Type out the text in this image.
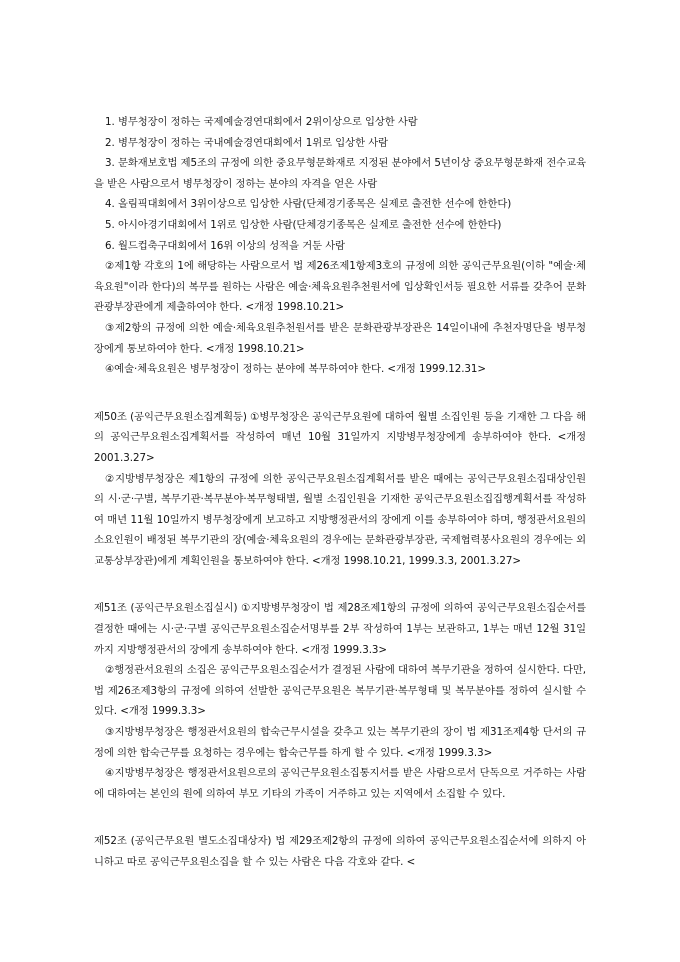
1. 병무청장이 정하는 국제예술경연대회에서 2위이상으로 입상한 사람

2. 병무청장이 정하는 국내예술경연대회에서 1위로 입상한 사람

3. 문화재보호법 제5조의 규정에 의한 중요무형문화재로 지정된 분야에서 5년이상 중요무형문화재 전수교육을 받은 사람으로서 병무청장이 정하는 분야의 자격을 얻은 사람

4. 올림픽대회에서 3위이상으로 입상한 사람(단체경기종목은 실제로 출전한 선수에 한한다)

5. 아시아경기대회에서 1위로 입상한 사람(단체경기종목은 실제로 출전한 선수에 한한다)

6. 월드컵축구대회에서 16위 이상의 성적을 거둔 사람

②제1항 각호의 1에 해당하는 사람으로서 법 제26조제1항제3호의 규정에 의한 공익근무요원(이하 "예술·체육요원"이라 한다)의 복무를 원하는 사람은 예술·체육요원추천원서에 입상확인서등 필요한 서류를 갖추어 문화관광부장관에게 제출하여야 한다. <개정 1998.10.21>

③제2항의 규정에 의한 예술·체육요원추천원서를 받은 문화관광부장관은 14일이내에 추천자명단을 병무청장에게 통보하여야 한다. <개정 1998.10.21>

④예술·체육요원은 병무청장이 정하는 분야에 복무하여야 한다. <개정 1999.12.31>

제50조 (공익근무요원소집계획등) ①병무청장은 공익근무요원에 대하여 월별 소집인원 등을 기재한 그 다음 해의 공익근무요원소집계획서를 작성하여 매년 10월 31일까지 지방병무청장에게 송부하여야 한다. <개정 2001.3.27>

②지방병무청장은 제1항의 규정에 의한 공익근무요원소집계획서를 받은 때에는 공익근무요원소집대상인원의 시·군·구별, 복무기관·복무분야·복무형태별, 월별 소집인원을 기재한 공익근무요원소집집행계획서를 작성하여 매년 11월 10일까지 병무청장에게 보고하고 지방행정관서의 장에게 이를 송부하여야 하며, 행정관서요원의 소요인원이 배정된 복무기관의 장(예술·체육요원의 경우에는 문화관광부장관, 국제협력봉사요원의 경우에는 외교통상부장관)에게 계획인원을 통보하여야 한다. <개정 1998.10.21, 1999.3.3, 2001.3.27>

제51조 (공익근무요원소집실시) ①지방병무청장이 법 제28조제1항의 규정에 의하여 공익근무요원소집순서를 결정한 때에는 시·군·구별 공익근무요원소집순서명부를 2부 작성하여 1부는 보관하고, 1부는 매년 12월 31일까지 지방행정관서의 장에게 송부하여야 한다. <개정 1999.3.3>

②행정관서요원의 소집은 공익근무요원소집순서가 결정된 사람에 대하여 복무기관을 정하여 실시한다. 다만, 법 제26조제3항의 규정에 의하여 선발한 공익근무요원은 복무기관·복무형태 및 복무분야를 정하여 실시할 수 있다. <개정 1999.3.3>

③지방병무청장은 행정관서요원의 합숙근무시설을 갖추고 있는 복무기관의 장이 법 제31조제4항 단서의 규정에 의한 합숙근무를 요청하는 경우에는 합숙근무를 하게 할 수 있다. <개정 1999.3.3>

④지방병무청장은 행정관서요원으로의 공익근무요원소집통지서를 받은 사람으로서 단독으로 거주하는 사람에 대하여는 본인의 원에 의하여 부모 기타의 가족이 거주하고 있는 지역에서 소집할 수 있다.

제52조 (공익근무요원 별도소집대상자) 법 제29조제2항의 규정에 의하여 공익근무요원소집순서에 의하지 아니하고 따로 공익근무요원소집을 할 수 있는 사람은 다음 각호와 같다. <
